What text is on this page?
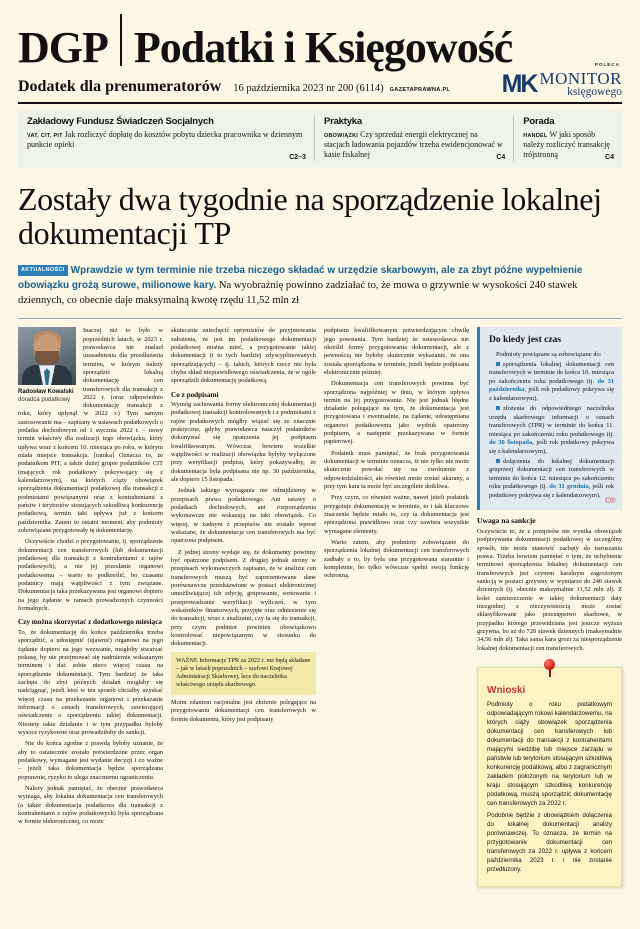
DGP Podatki i Księgowość
Dodatek dla prenumeratorów 16 października 2023 nr 200 (6114) GAZETAPRAWNA.PL
POLECA
MK MONITOR
księgowego
Zakładowy Fundusz Świadczeń Socjalnych
VAT, CIT, PIT Jak rozliczyć dopłatę do kosztów pobytu dziecka pracownika w dziennym punkcie opieki
C2–3
Praktyka
OBOWIĄZKI Czy sprzedaż energii elektrycznej na stacjach ładowania pojazdów trzeba ewidencjonować w kasie fiskalnej	C4
Porada
HANDEL W jaki sposób należy rozliczyć transakcję trójstronną	C4
Zostały dwa tygodnie na sporządzenie lokalnej dokumentacji TP
AKTUALNOŚCI Wprawdzie w tym terminie nie trzeba niczego składać w urzędzie skarbowym, ale za zbyt późne wypełnienie obowiązku grożą surowe, milionowe kary. Na wyobraźnię powinno zadziałać to, że mowa o grzywnie w wysokości 240 stawek dziennych, co obecnie daje maksymalną kwotę rzędu 11,52 mln zł
Radosław Kowalski
doradca podatkowy

Inaczej niż to było w poprzednich latach, w 2023 r. prawodawca nie znalazł uzasadnienia dla przedłużenia terminu, w którym należy sporządzić lokalną dokumentację cen transferowych dla transakcji z 2022 r. (oraz odpowiednio dokumentację transakcji z roku, który upłynął w 2022 r.) Tym samym zastosowanie ma – zapisany w ustawach podatkowych o podatku dochodowym od 1 stycznia 2022 r. – nowy termin właściwy dla realizacji tego obowiązku, który upływa wraz z końcem 10. miesiąca po roku, w którym miała miejsce transakcja. [ramka] Oznacza to, że podatnikom PIT, a także dużej grupie podatników CIT (mających rok podatkowy pokrywający się z kalendarzowym), na których ciąży obowiązek sporządzenia dokumentacji podatkowej dla transakcji z podmiotami powiązanymi oraz z kontrahentami z państw i terytoriów stosujących szkodliwą konkurencję podatkową, termin taki upływa już z końcem października. Zatem to ostatni moment, aby podmioty zobowiązane przygotowały tę dokumentację.

Oczywiście chodzi o przygotowanie, tj. sporządzenie dokumentacji cen transferowych (lub dokumentacji podatkowej dla transakcji z kontrahentami z rajów podatkowych), a nie jej przesłanie organowi podatkowemu – warto to podkreślić, bo czasami podatnicy mają wątpliwości z tym związane. Dokumentacja taka przekazywana jest organowi dopiero na jego żądanie w ramach prowadzonych czynności formalnych.

Czy można skorzystać z dodatkowego miesiąca

To, że dokumentację do końca października trzeba sporządzić, a udostępnić (ujawnić) organowi na jego żądanie dopiero na jego wezwanie, mogłoby stwarzać pokusę, by nie przejmować się nadmiernie wskazanym terminem i dać sobie nieco więcej czasu na sporządzenie dokumentacji. Tym bardziej że taka zachęta do zbyt późnych działań mogłaby się nadciągnąć, jeżeli ktoś w ten sposób chciałby uzyskać więcej czasu na przekazanie organowi i przekazanie informacji o cenach transferowych, zawierającej oświadczenie o sporządzeniu takiej dokumentacji. Niestety takie działanie i w tym przypadku byłoby wysoce ryzykowne oraz prowadziłoby do sankcji.

Nie do końca zgodne z prawdą byłoby uznanie, że aby to ostatecznie zostało potwierdzone przez organ podatkowy, wymagane jest wydanie decyzji i co ważne – jeżeli taka dokumentacja będzie sporządzana poprawnie, ryzyko to ulega znacznemu ograniczeniu.

Należy jednak pamiętać, że obecnie prawodawca wymaga, aby lokalna dokumentacja cen transferowych (a także dokumentacja podatkowa dla transakcji z kontrahentami z rajów podatkowych) była sporządzana w formie elektronicznej, co może

skutecznie zniechęcić optymistów do przyjmowania założenia, że jest im podatkowego dokumentacji podatkowej można mieć, a przygotowanie takiej dokumentacji (i to tych bardziej zdyscyplinowanych sporządzających) – tj. takich, których rzecz nie była chyba skład nieprawidłowego oświadczenia, że w ogóle sporządzili dokumentację podatkową.

Co z podpisami

Wymóg zachowania formy elektronicznej dokumentacji podatkowej transakcji kontrolowanych i z podmiotami z rajów podatkowych mógłby wiązać się ze znacznie praktyczne, gdyby prawodawca nauczył podatników dokonywać się opatrzenia jej podpisem kwalifikowanym. Wówczas bowiem wszelkie wątpliwości w realizacji obowiązku byłyby wyłączone przy weryfikacji podpisu, który pokazywałby, że dokumentacja była podpisana nie np. 30 października, ale dopiero 15 listopada.

Jednak takiego wymagania nie odnajdziemy w przepisach prawa podatkowego. Ani ustawy o podatkach dochodowych, ani rozporządzenia wykonawcze nie wskazują na taki obowiązek. Co więcej, w żadnym z przepisów nie zostało wprost wskazane, że dokumentacja cen transferowych ma być opatrzona podpisem.

Z jednej strony wydaje się, że dokumenty powinny być opatrzone podpisem. Z drugiej jednak strony w przepisach wykonawczych zapisano, że w analizie cen transferowych muszą być zaprezentowane dane porównawcze przedstawione w postaci elektronicznej umożliwiającej ich edycję, grupowanie, sortowanie i przeprowadzanie weryfikacji wyliczeń, w tym wskaźników finansowych, przyjęte oraz odniesienie się do transakcji, wraz z analizami, czy ta się do transakcji, przy czym podmiot powinien obowiązkowo kontrolować niepowiązanym w stosunku do dokumentacji.

WAŻNE Informacje TPR za 2022 r. nie będą składane – jak w latach poprzednich – szefowi Krajowej Administracji Skarbowej, lecz do naczelnika właściwego urzędu skarbowego.

Moim zdaniem racjonalne jest złożenie polegające na przygotowaniu dokumentacji cen transferowych w formie dokumentu, który jest podpisany

podpisem kwalifikowanym potwierdzającym chwilę jego powstania. Tym bardziej że ustawodawca nie określił formy przygotowania dokumentacji, ale z pewnością nie byłoby skutecznie wykazanie, że ona została sporządzona w terminie, jeżeli będzie podpisana elektronicznie później.

Dokumentacja cen transferowych powinna być sporządzona najpóźniej w dniu, w którym upływa termin na jej przygotowanie. Nie jest jednak błędne działanie polegające na tym, że dokumentacja jest przygotowana i ewentualnie, na żądanie, udostępniana organowi podatkowemu jako wydruk opatrzony podpisem, a następnie przekazywana w formie papierowej.

Podatnik musi pamiętać, że brak przygotowania dokumentacji w terminie oznacza, iż nie tylko nie może skutecznie powołać się na zwolnienie z odpowiedzialności, ale również może zostać ukarany, a przy tym kara ta może być szczególnie dotkliwa.

Przy czym, co również ważne, nawet jeżeli podatnik przygotuje dokumentację w terminie, to i tak kluczowe znaczenie będzie miało to, czy ta dokumentacja jest sporządzona prawidłowo oraz czy zawiera wszystkie wymagane elementy.

Warto zatem, aby podmioty zobowiązane do sporządzenia lokalnej dokumentacji cen transferowych zadbały o to, by była ona przygotowana starannie i kompletnie, bo tylko wówczas spełni swoją funkcję ochronną.

Do kiedy jest czas

Podmioty powiązane są zobowiązane do:

sporządzenia lokalnej dokumentacji cen transferowych w terminie do końca 10. miesiąca po zakończeniu roku podatkowego (tj. do 31 października, jeśli rok podatkowy pokrywa się z kalendarzowym),

złożenia do odpowiedniego naczelnika urzędu skarbowego informacji o cenach transferowych (TPR) w terminie do końca 11. miesiąca po zakończeniu roku podatkowego (tj. do 30 listopada, jeśli rok podatkowy pokrywa się z kalendarzowym),

dołączenia do lokalnej dokumentacji grupowej dokumentacji cen transferowych w terminie do końca 12. miesiąca po zakończeniu roku podatkowego (tj. do 31 grudnia, jeśli rok podatkowy pokrywa się z kalendarzowym).

©℗
Uwaga na sankcje

Oczywiście to, że z przepisów nie wynika obowiązek podpisywania dokumentacji podatkowej w szczególny sposób, nie może stanowić zachęty do naruszania prawa. Trzeba bowiem pamiętać o tym, że uchybienie terminowi sporządzenia lokalnej dokumentacji cen transferowych jest czynem karalnym zagrożonym sankcją w postaci grzywny w wymiarze do 240 stawek dziennych (tj. obecnie maksymalnie 11,52 mln zł). Z kolei zamieszczenie w takiej dokumentacji daty niezgodnej z rzeczywistością może zostać sklasyfikowane jako przestępstwo skarbowe, w przypadku którego przewidziana jest jeszcze wyższa grzywna, bo aż do 720 stawek dziennych (maksymalnie 34,56 mln zł). Taka sama kara grozi za niesporządzenie lokalnej dokumentacji cen transferowych.

Wnioski

Podmioty o roku podatkowym odpowiadającym rokowi kalendarzowemu, na których ciąży obowiązek sporządzenia dokumentacji cen transferowych lub dokumentacji do transakcji z kontrahentami mającymi siedzibę lub miejsce zarządu w państwie lub terytorium stosującym szkodliwą konkurencję podatkową, albo z zagranicznym zakładem położonym na terytorium lub w kraju stosującym szkodliwą konkurencję podatkową, muszą sporządzić dokumentację cen transferowych za 2022 r.

Podobnie będzie z obowiązkiem dołączenia do lokalnej dokumentacji analizy porównawczej. To oznacza, że termin na przygotowanie dokumentacji cen transferowych za 2022 r. upływa z końcem października 2023 r. i nie zostanie przedłużony.
